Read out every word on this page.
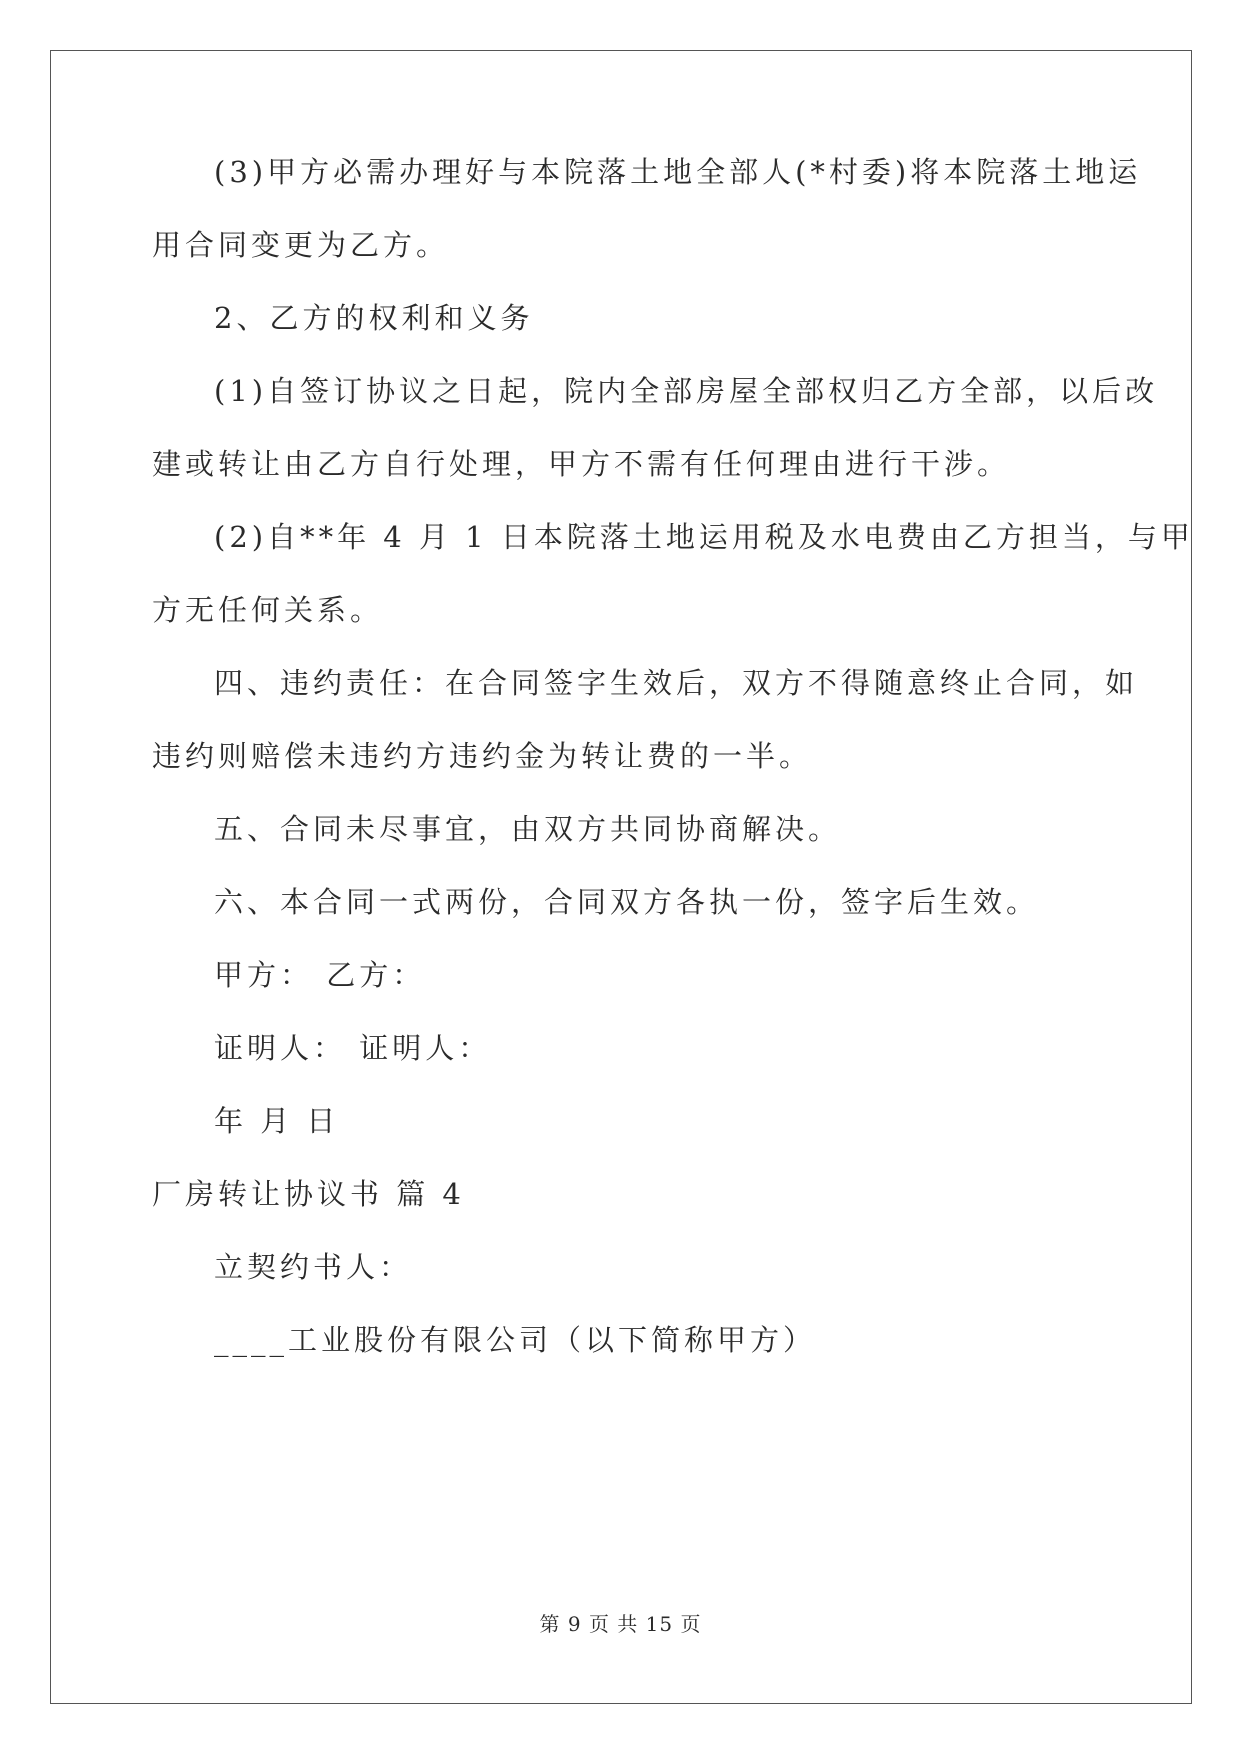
(3)甲方必需办理好与本院落土地全部人(*村委)将本院落土地运
用合同变更为乙方。
2、乙方的权利和义务
(1)自签订协议之日起，院内全部房屋全部权归乙方全部，以后改
建或转让由乙方自行处理，甲方不需有任何理由进行干涉。
(2)自**年 4 月 1 日本院落土地运用税及水电费由乙方担当，与甲
方无任何关系。
四、违约责任：在合同签字生效后，双方不得随意终止合同，如
违约则赔偿未违约方违约金为转让费的一半。
五、合同未尽事宜，由双方共同协商解决。
六、本合同一式两份，合同双方各执一份，签字后生效。
甲方： 乙方：
证明人： 证明人：
年 月 日
厂房转让协议书 篇 4
立契约书人：
____工业股份有限公司（以下简称甲方）
第 9 页 共 15 页
